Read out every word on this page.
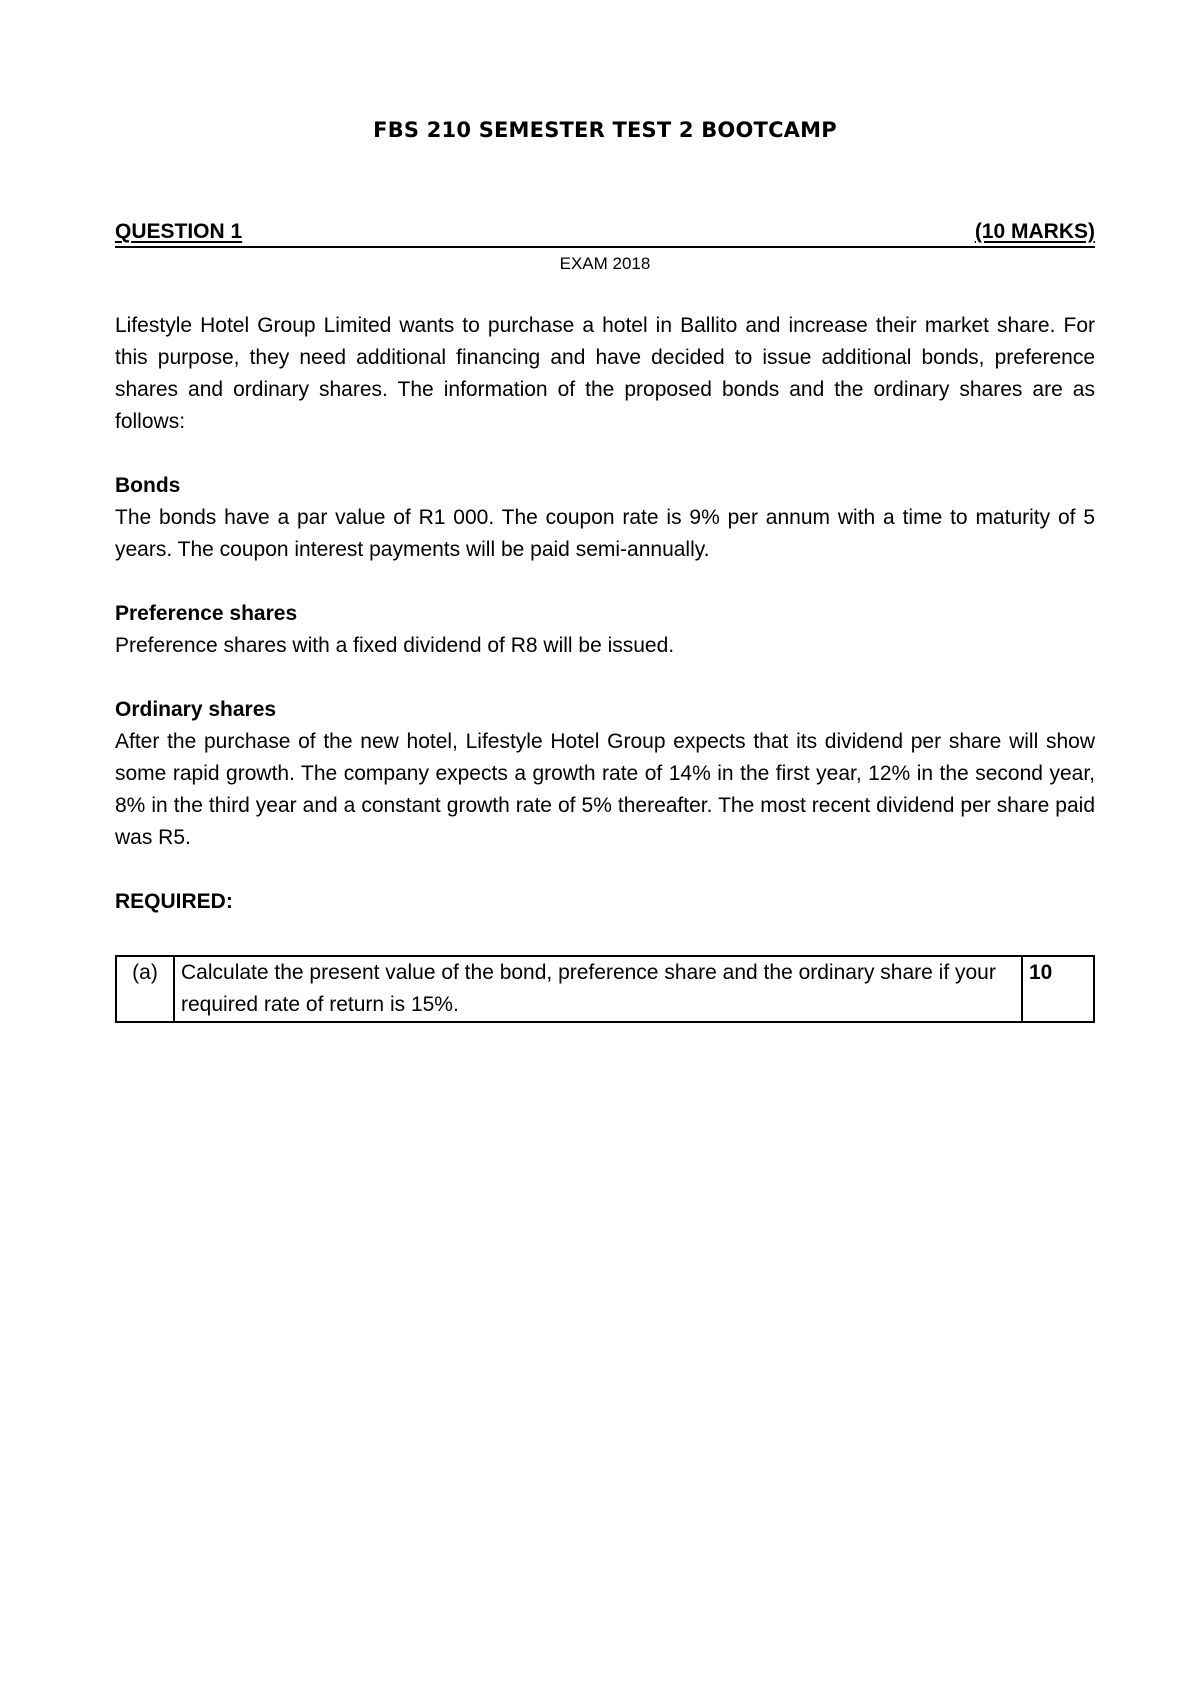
FBS 210 SEMESTER TEST 2 BOOTCAMP
QUESTION 1	(10 MARKS)
EXAM 2018
Lifestyle Hotel Group Limited wants to purchase a hotel in Ballito and increase their market share. For this purpose, they need additional financing and have decided to issue additional bonds, preference shares and ordinary shares. The information of the proposed bonds and the ordinary shares are as follows:
Bonds
The bonds have a par value of R1 000. The coupon rate is 9% per annum with a time to maturity of 5 years. The coupon interest payments will be paid semi-annually.
Preference shares
Preference shares with a fixed dividend of R8 will be issued.
Ordinary shares
After the purchase of the new hotel, Lifestyle Hotel Group expects that its dividend per share will show some rapid growth. The company expects a growth rate of 14% in the first year, 12% in the second year, 8% in the third year and a constant growth rate of 5% thereafter. The most recent dividend per share paid was R5.
REQUIRED:
(a)	Calculate the present value of the bond, preference share and the ordinary share if your required rate of return is 15%.	10
